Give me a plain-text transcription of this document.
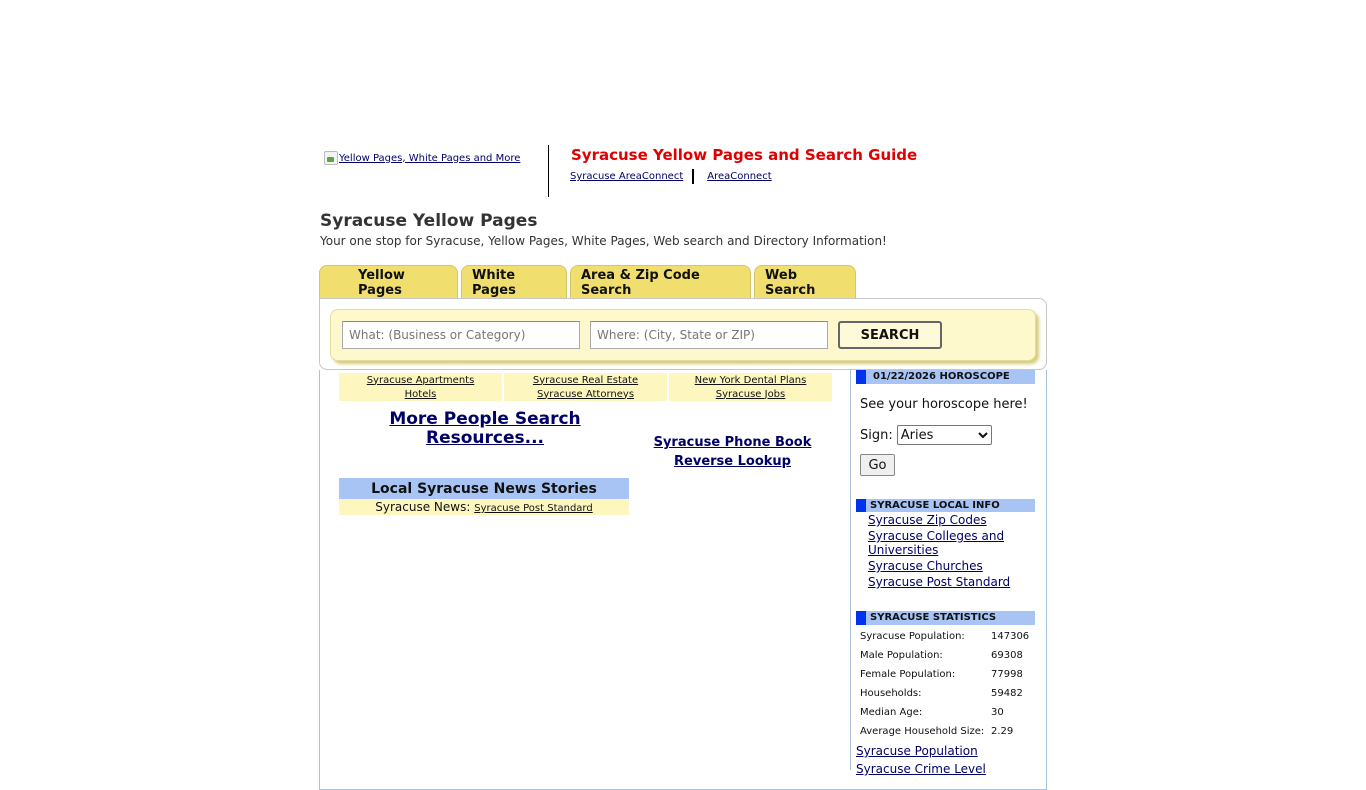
Yellow Pages, White Pages and More	Syracuse Yellow Pages and Search Guide
Syracuse AreaConnect AreaConnect
Syracuse Yellow Pages
Your one stop for Syracuse, Yellow Pages, White Pages, Web search and Directory Information!
Yellow Pages
White Pages
Area & Zip Code Search
Web Search
What: (Business or Category)
Where: (City, State or ZIP)
SEARCH
Syracuse Apartments	Syracuse Real Estate	New York Dental Plans
Hotels	Syracuse Attorneys	Syracuse Jobs
More People Search Resources...	Syracuse Phone Book
Reverse Lookup
Local Syracuse News Stories
Syracuse News: Syracuse Post Standard
01/22/2026 HOROSCOPE
See your horoscope here!
Sign: Aries
Go
SYRACUSE LOCAL INFO
Syracuse Zip Codes
Syracuse Colleges and Universities
Syracuse Churches
Syracuse Post Standard
SYRACUSE STATISTICS
Syracuse Population:	147306
Male Population:	69308
Female Population:	77998
Households:	59482
Median Age:	30
Average Household Size:	2.29
Syracuse Population
Syracuse Crime Level
